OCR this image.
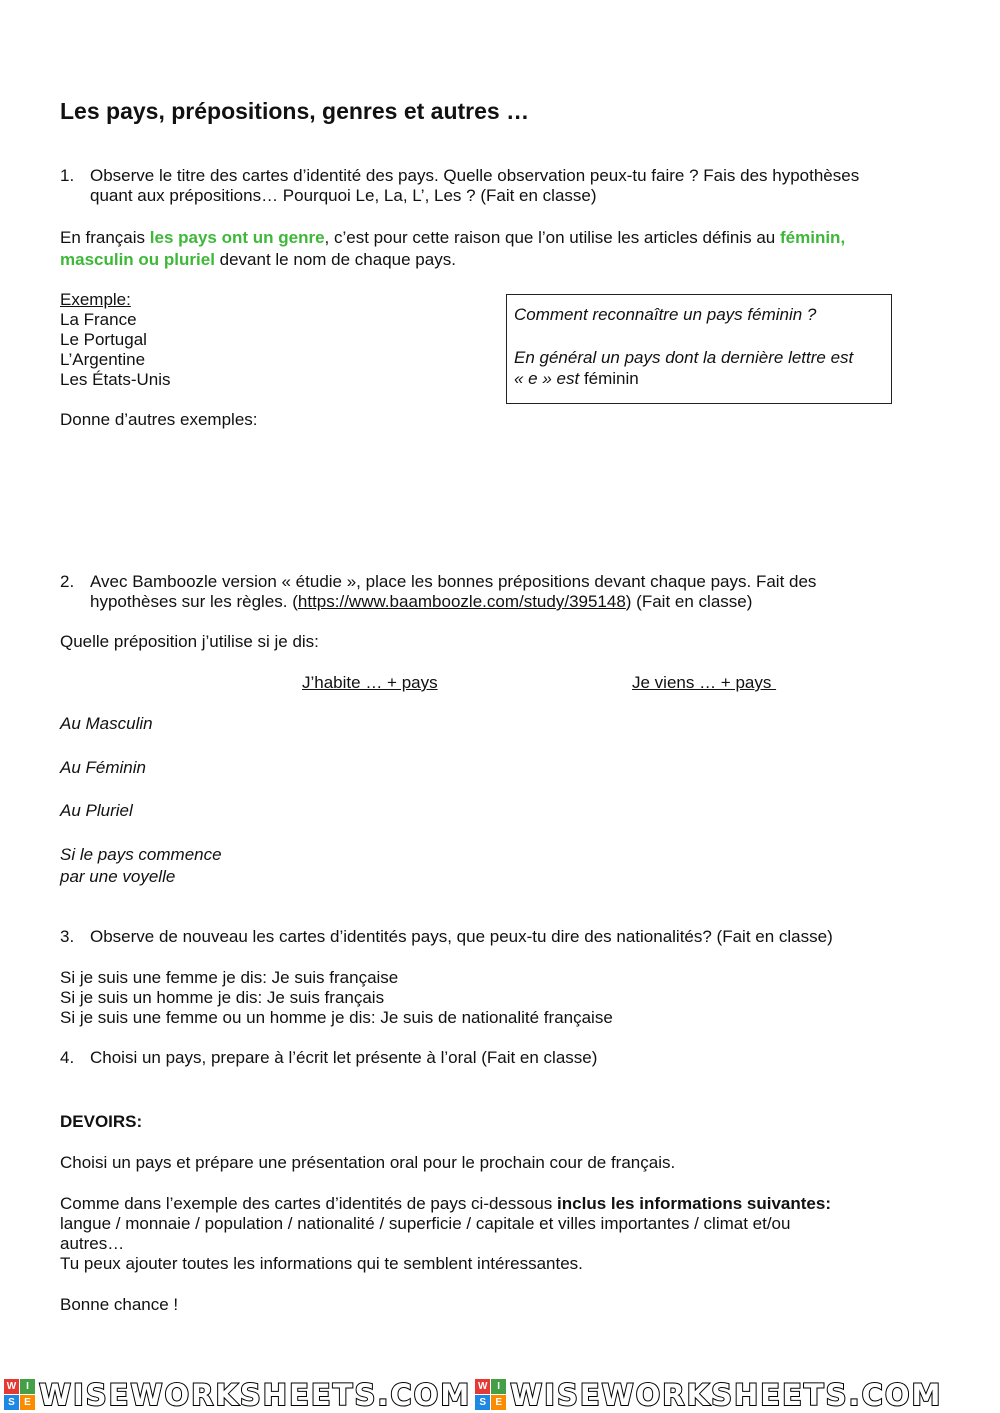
Les pays, prépositions, genres et autres …
1. Observe le titre des cartes d’identité des pays. Quelle observation peux-tu faire ? Fais des hypothèses

quant aux prépositions… Pourquoi Le, La, L’, Les ? (Fait en classe)

En français les pays ont un genre, c’est pour cette raison que l’on utilise les articles définis au féminin,

masculin ou pluriel devant le nom de chaque pays.

Exemple:

La France

Le Portugal

L’Argentine

Les États-Unis

Comment reconnaître un pays féminin ?

En général un pays dont la dernière lettre est

« e » est féminin

Donne d’autres exemples:

2. Avec Bamboozle version « étudie », place les bonnes prépositions devant chaque pays. Fait des

hypothèses sur les règles. (https://www.baamboozle.com/study/395148) (Fait en classe)

Quelle préposition j’utilise si je dis:

J’habite … + pays	Je viens … + pays

Au Masculin

Au Féminin

Au Pluriel

Si le pays commence

par une voyelle

3. Observe de nouveau les cartes d’identités pays, que peux-tu dire des nationalités? (Fait en classe)

Si je suis une femme je dis: Je suis française

Si je suis un homme je dis: Je suis français

Si je suis une femme ou un homme je dis: Je suis de nationalité française

4. Choisi un pays, prepare à l’écrit let présente à l’oral (Fait en classe)

DEVOIRS:

Choisi un pays et prépare une présentation oral pour le prochain cour de français.

Comme dans l’exemple des cartes d’identités de pays ci-dessous inclus les informations suivantes:

langue / monnaie / population / nationalité / superficie / capitale et villes importantes / climat et/ou

autres…

Tu peux ajouter toutes les informations qui te semblent intéressantes.

Bonne chance !

W I
S E WISEWORKSHEETS.COM W I
S E WISEWORKSHEETS.COM
